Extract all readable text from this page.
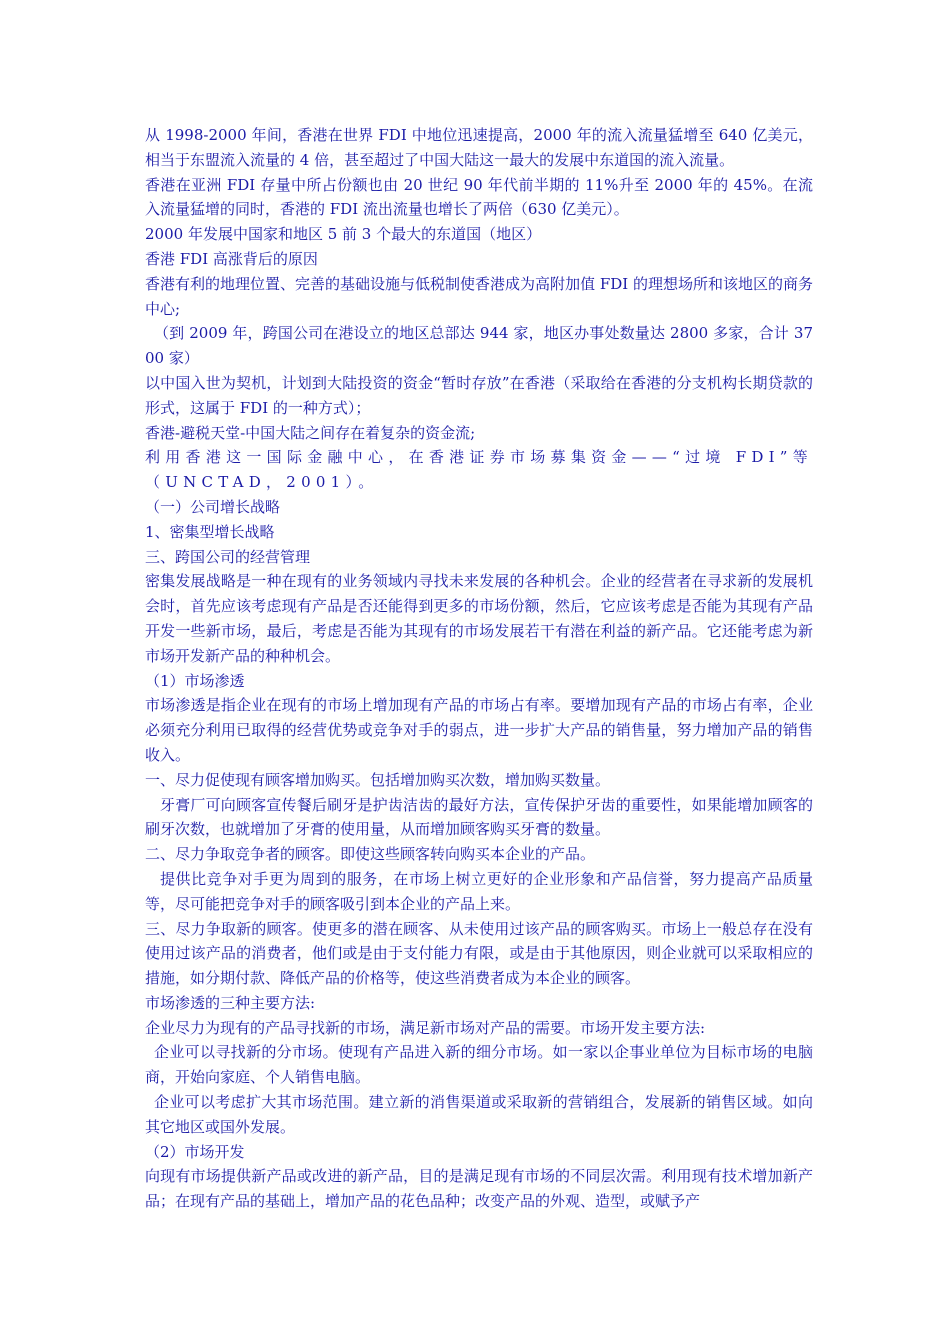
从 1998-2000 年间，香港在世界 FDI 中地位迅速提高，2000 年的流入流量猛增至 640 亿美元，相当于东盟流入流量的 4 倍，甚至超过了中国大陆这一最大的发展中东道国的流入流量。

香港在亚洲 FDI 存量中所占份额也由 20 世纪 90 年代前半期的 11%升至 2000 年的 45%。在流入流量猛增的同时，香港的 FDI 流出流量也增长了两倍（630 亿美元）。

2000 年发展中国家和地区 5 前 3 个最大的东道国（地区）

香港 FDI 高涨背后的原因

香港有利的地理位置、完善的基础设施与低税制使香港成为高附加值 FDI 的理想场所和该地区的商务中心;

（到 2009 年，跨国公司在港设立的地区总部达 944 家，地区办事处数量达 2800 多家，合计 3700 家）

以中国入世为契机，计划到大陆投资的资金“暂时存放”在香港（采取给在香港的分支机构长期贷款的形式，这属于 FDI 的一种方式）；

香港-避税天堂-中国大陆之间存在着复杂的资金流;

利用香港这一国际金融中心，在香港证券市场募集资金——“过境 FDI”等（UNCTAD，2001）。

（一）公司增长战略

1、密集型增长战略

三、跨国公司的经营管理

密集发展战略是一种在现有的业务领域内寻找未来发展的各种机会。企业的经营者在寻求新的发展机会时，首先应该考虑现有产品是否还能得到更多的市场份额，然后，它应该考虑是否能为其现有产品开发一些新市场，最后，考虑是否能为其现有的市场发展若干有潜在利益的新产品。它还能考虑为新市场开发新产品的种种机会。

（1）市场渗透

市场渗透是指企业在现有的市场上增加现有产品的市场占有率。要增加现有产品的市场占有率，企业必须充分利用已取得的经营优势或竞争对手的弱点，进一步扩大产品的销售量，努力增加产品的销售收入。

一、尽力促使现有顾客增加购买。包括增加购买次数，增加购买数量。

牙膏厂可向顾客宣传餐后刷牙是护齿洁齿的最好方法，宣传保护牙齿的重要性，如果能增加顾客的刷牙次数，也就增加了牙膏的使用量，从而增加顾客购买牙膏的数量。

二、尽力争取竞争者的顾客。即使这些顾客转向购买本企业的产品。

提供比竞争对手更为周到的服务，在市场上树立更好的企业形象和产品信誉，努力提高产品质量等，尽可能把竞争对手的顾客吸引到本企业的产品上来。

三、尽力争取新的顾客。使更多的潜在顾客、从未使用过该产品的顾客购买。市场上一般总存在没有使用过该产品的消费者，他们或是由于支付能力有限，或是由于其他原因，则企业就可以采取相应的措施，如分期付款、降低产品的价格等，使这些消费者成为本企业的顾客。

市场渗透的三种主要方法:

企业尽力为现有的产品寻找新的市场，满足新市场对产品的需要。市场开发主要方法:

企业可以寻找新的分市场。使现有产品进入新的细分市场。如一家以企事业单位为目标市场的电脑商，开始向家庭、个人销售电脑。

企业可以考虑扩大其市场范围。建立新的消售渠道或采取新的营销组合，发展新的销售区域。如向其它地区或国外发展。

（2）市场开发

向现有市场提供新产品或改进的新产品，目的是满足现有市场的不同层次需。利用现有技术增加新产品；在现有产品的基础上，增加产品的花色品种；改变产品的外观、造型，或赋予产
